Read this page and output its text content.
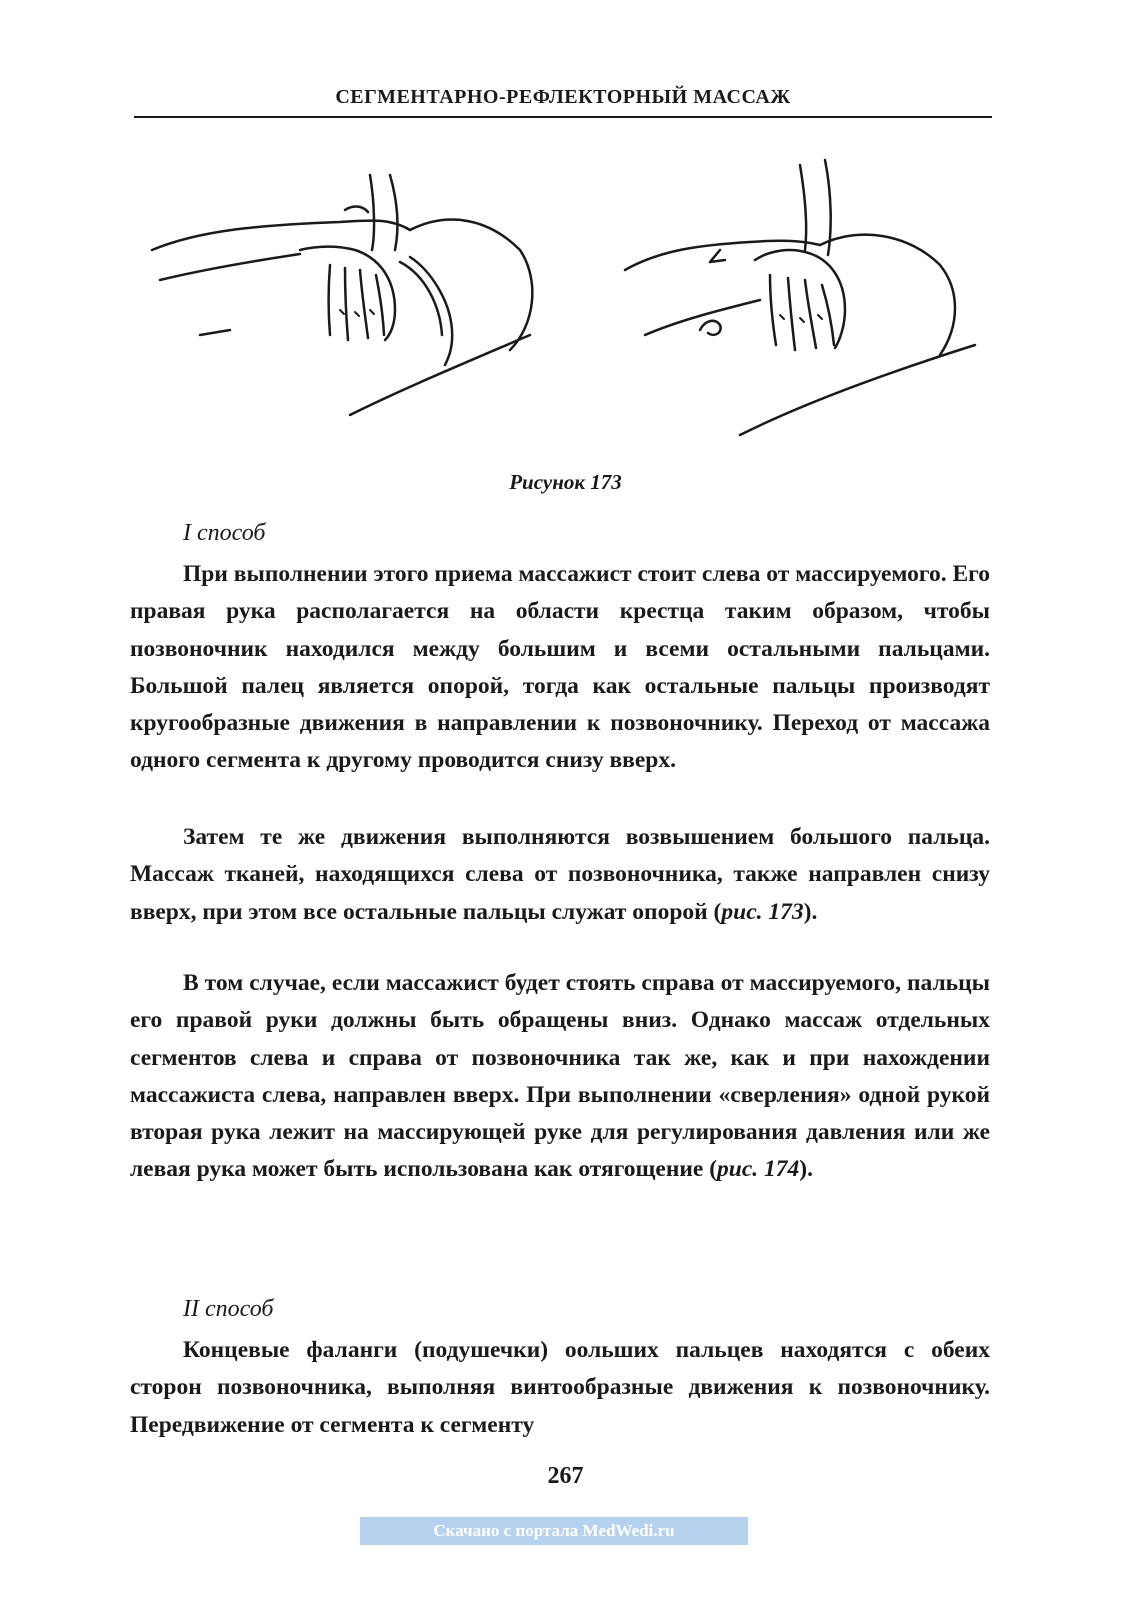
СЕГМЕНТАРНО-РЕФЛЕКТОРНЫЙ МАССАЖ
Рисунок 173
I способ

При выполнении этого приема массажист стоит слева от массируемого. Его правая рука располагается на области крестца таким образом, чтобы позвоночник находился между большим и всеми остальными пальцами. Большой палец является опорой, тогда как остальные пальцы производят кругообразные движения в направлении к позвоночнику. Переход от массажа одного сегмента к другому проводится снизу вверх.

Затем те же движения выполняются возвышением большого пальца. Массаж тканей, находящихся слева от позвоночника, также направлен снизу вверх, при этом все остальные пальцы служат опорой (рис. 173).

В том случае, если массажист будет стоять справа от массируемого, пальцы его правой руки должны быть обращены вниз. Однако массаж отдельных сегментов слева и справа от позвоночника так же, как и при нахождении массажиста слева, направлен вверх. При выполнении «сверления» одной рукой вторая рука лежит на массирующей руке для регулирования давления или же левая рука может быть использована как отягощение (рис. 174).

II способ

Концевые фаланги (подушечки) оольших пальцев находятся с обеих сторон позвоночника, выполняя винтообразные движения к позвоночнику. Передвижение от сегмента к сегменту

267
Скачано с портала MedWedi.ru
